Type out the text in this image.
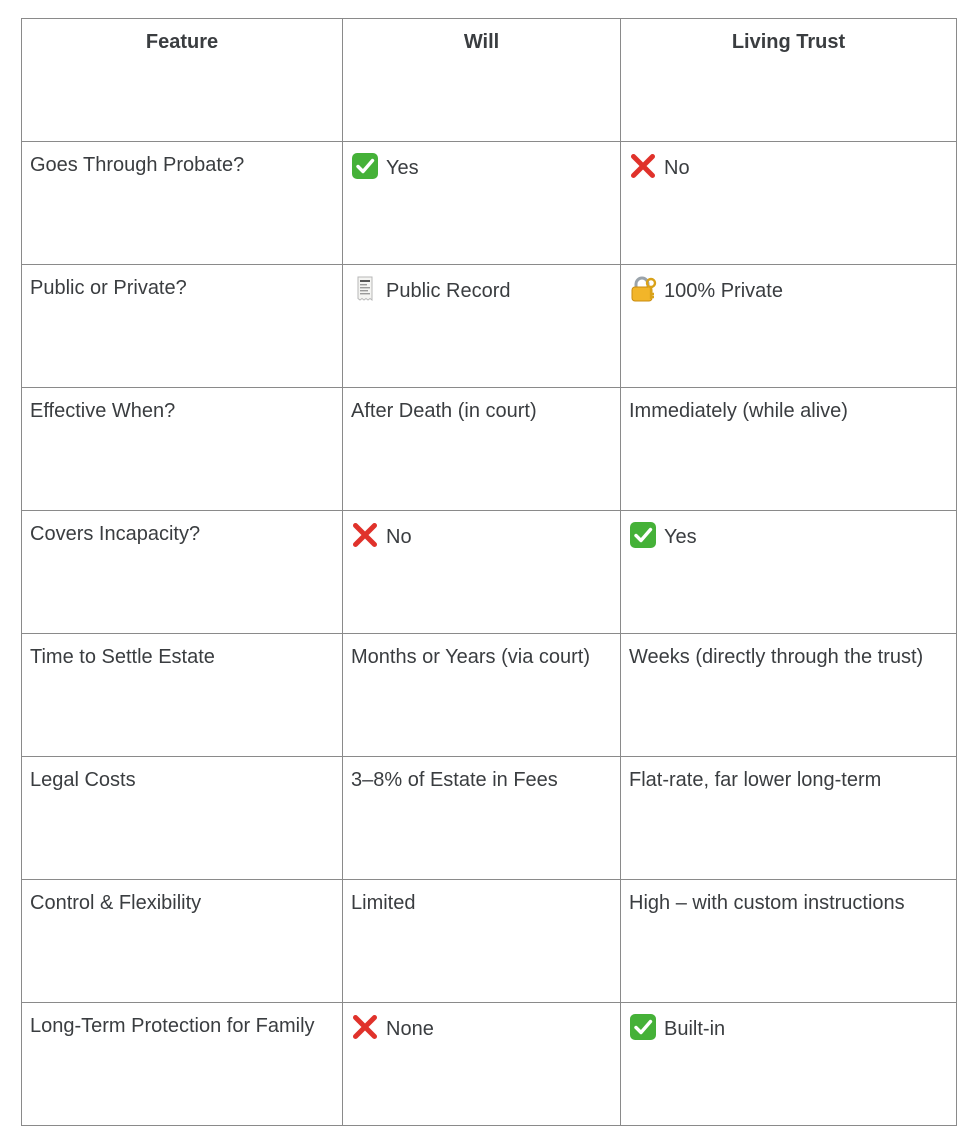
Feature	Will	Living Trust
Goes Through Probate?	Yes	No
Public or Private?	Public Record	100% Private
Effective When?	After Death (in court)	Immediately (while alive)
Covers Incapacity?	No	Yes
Time to Settle Estate	Months or Years (via court)	Weeks (directly through the trust)
Legal Costs	3–8% of Estate in Fees	Flat-rate, far lower long-term
Control & Flexibility	Limited	High – with custom instructions
Long-Term Protection for Family	None	Built-in
